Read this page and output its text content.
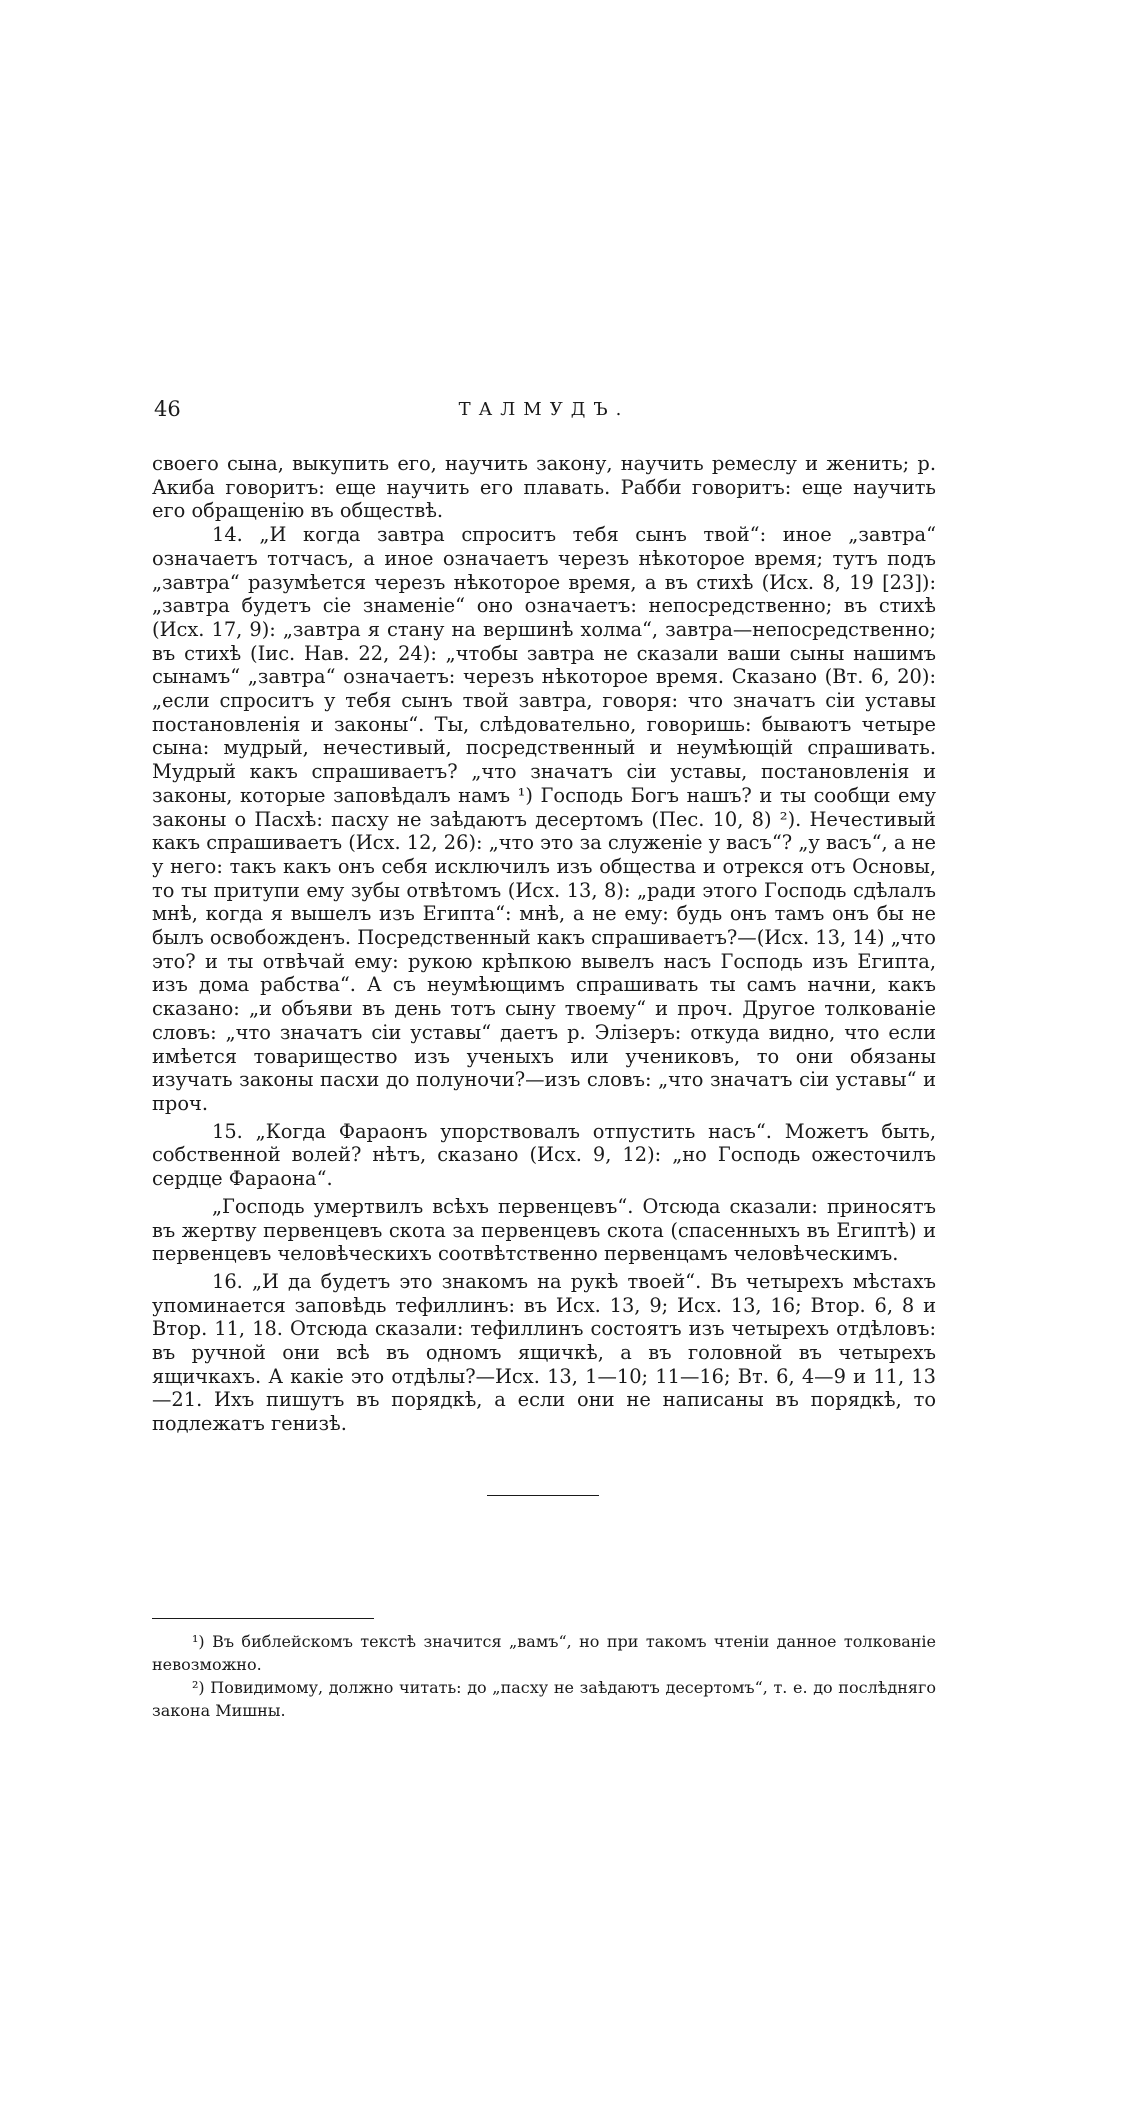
46	ТАЛМУДЪ.

своего сына, выкупить его, научить закону, научить ремеслу и женить; р. Акиба говоритъ: еще научить его плавать. Рабби говоритъ: еще научить его обращенію въ обществѣ.

14. „И когда завтра спроситъ тебя сынъ твой“: иное „завтра“ означаетъ тотчасъ, а иное означаетъ черезъ нѣкоторое время; тутъ подъ „завтра“ разумѣется черезъ нѣкоторое время, а въ стихѣ (Исх. 8, 19 [23]): „завтра будетъ сіе знаменіе“ оно означаетъ: непосредственно; въ стихѣ (Исх. 17, 9): „завтра я стану на вершинѣ холма“, завтра—непосредственно; въ стихѣ (Іис. Нав. 22, 24): „чтобы завтра не сказали ваши сыны нашимъ сынамъ“ „завтра“ означаетъ: черезъ нѣкоторое время. Сказано (Вт. 6, 20): „если спроситъ у тебя сынъ твой завтра, говоря: что значатъ сіи уставы постановленія и законы“. Ты, слѣдовательно, говоришь: бываютъ четыре сына: мудрый, нечестивый, посредственный и неумѣющій спрашивать. Мудрый какъ спрашиваетъ? „что значатъ сіи уставы, постановленія и законы, которые заповѣдалъ намъ ¹) Господь Богъ нашъ? и ты сообщи ему законы о Пасхѣ: пасху не заѣдаютъ десертомъ (Пес. 10, 8) ²). Нечестивый какъ спрашиваетъ (Исх. 12, 26): „что это за служеніе у васъ“? „у васъ“, а не у него: такъ какъ онъ себя исключилъ изъ общества и отрекся отъ Основы, то ты притупи ему зубы отвѣтомъ (Исх. 13, 8): „ради этого Господь сдѣлалъ мнѣ, когда я вышелъ изъ Египта“: мнѣ, а не ему: будь онъ тамъ онъ бы не былъ освобожденъ. Посредственный какъ спрашиваетъ?—(Исх. 13, 14) „что это? и ты отвѣчай ему: рукою крѣпкою вывелъ насъ Господь изъ Египта, изъ дома рабства“. А съ неумѣющимъ спрашивать ты самъ начни, какъ сказано: „и объяви въ день тотъ сыну твоему“ и проч. Другое толкованіе словъ: „что значатъ сіи уставы“ даетъ р. Элізеръ: откуда видно, что если имѣется товарищество изъ ученыхъ или учениковъ, то они обязаны изучать законы пасхи до полуночи?—изъ словъ: „что значатъ сіи уставы“ и проч.

15. „Когда Фараонъ упорствовалъ отпустить насъ“. Можетъ быть, собственной волей? нѣтъ, сказано (Исх. 9, 12): „но Господь ожесточилъ сердце Фараона“.

„Господь умертвилъ всѣхъ первенцевъ“. Отсюда сказали: приносятъ въ жертву первенцевъ скота за первенцевъ скота (спасенныхъ въ Египтѣ) и первенцевъ человѣческихъ соотвѣтственно первенцамъ человѣческимъ.

16. „И да будетъ это знакомъ на рукѣ твоей“. Въ четырехъ мѣстахъ упоминается заповѣдь тефиллинъ: въ Исх. 13, 9; Исх. 13, 16; Втор. 6, 8 и Втор. 11, 18. Отсюда сказали: тефиллинъ состоятъ изъ четырехъ отдѣловъ: въ ручной они всѣ въ одномъ ящичкѣ, а въ головной въ четырехъ ящичкахъ. А какіе это отдѣлы?—Исх. 13, 1—10; 11—16; Вт. 6, 4—9 и 11, 13—21. Ихъ пишутъ въ порядкѣ, а если они не написаны въ порядкѣ, то подлежатъ генизѣ.

¹) Въ библейскомъ текстѣ значится „вамъ“, но при такомъ чтеніи данное толкованіе невозможно.

²) Повидимому, должно читать: до „пасху не заѣдаютъ десертомъ“, т. е. до послѣдняго закона Мишны.
